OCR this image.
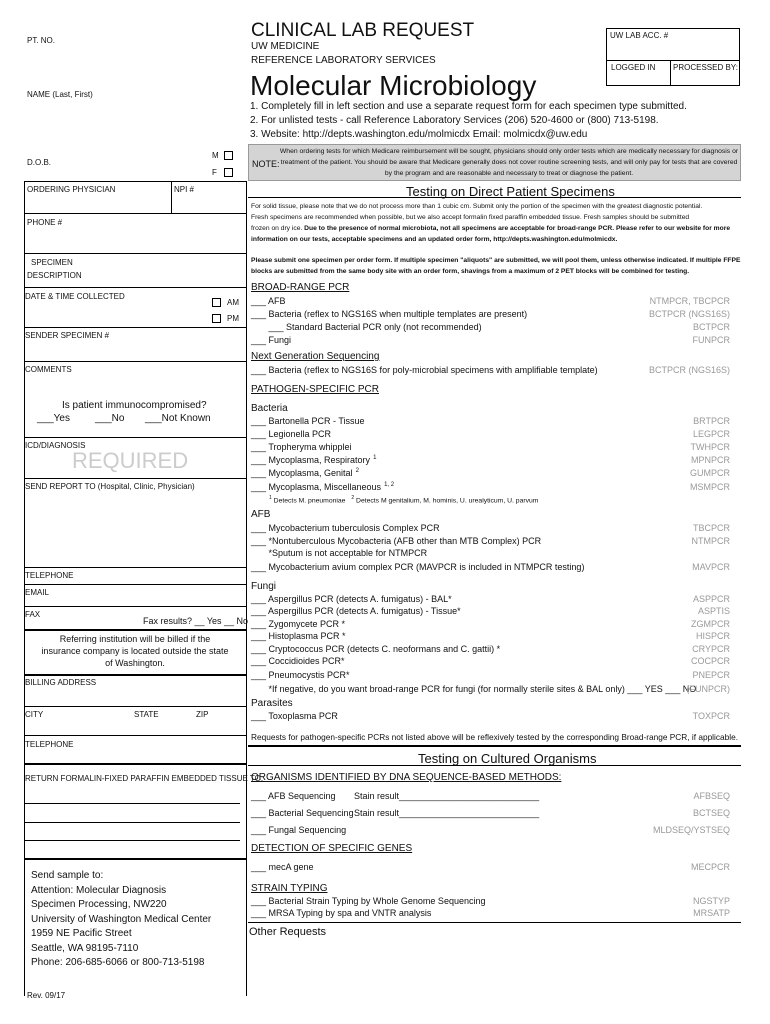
PT. NO.
NAME (Last, First)
D.O.B.
M
F
ORDERING PHYSICIAN	NPI #
PHONE #
SPECIMEN
DESCRIPTION
DATE & TIME COLLECTED
AM
PM
SENDER SPECIMEN #
COMMENTS
Is patient immunocompromised?
___Yes	___No ___Not Known
ICD/DIAGNOSIS
REQUIRED
SEND REPORT TO (Hospital, Clinic, Physician)
TELEPHONE
EMAIL
FAX
Fax results? __ Yes __ No
Referring institution will be billed if the insurance company is located outside the state of Washington.
BILLING ADDRESS
CITY	STATE	ZIP
TELEPHONE
RETURN FORMALIN-FIXED PARAFFIN EMBEDDED TISSUE TO:
Send sample to:
Attention: Molecular Diagnosis
Specimen Processing, NW220
University of Washington Medical Center
1959 NE Pacific Street
Seattle, WA 98195-7110
Phone: 206-685-6066 or 800-713-5198
Rev. 09/17
CLINICAL LAB REQUEST
UW MEDICINE
REFERENCE LABORATORY SERVICES
UW LAB ACC. #
LOGGED IN PROCESSED BY:
Molecular Microbiology
1. Completely fill in left section and use a separate request form for each specimen type submitted.
2. For unlisted tests - call Reference Laboratory Services (206) 520-4600 or (800) 713-5198.
3. Website: http://depts.washington.edu/molmicdx Email: molmicdx@uw.edu
NOTE:
When ordering tests for which Medicare reimbursement will be sought, physicians should only order tests which are medically necessary for diagnosis or treatment of the patient. You should be aware that Medicare generally does not cover routine screening tests, and will only pay for tests that are covered by the program and are reasonable and necessary to treat or diagnose the patient.
Testing on Direct Patient Specimens
For solid tissue, please note that we do not process more than 1 cubic cm. Submit only the portion of the specimen with the greatest diagnostic potential.
Fresh specimens are recommended when possible, but we also accept formalin fixed paraffin embedded tissue. Fresh samples should be submitted
frozen on dry ice. Due to the presence of normal microbiota, not all specimens are acceptable for broad-range PCR. Please refer to our website for more
information on our tests, acceptable specimens and an updated order form, http://depts.washington.edu/molmicdx.
Please submit one specimen per order form. If multiple specimen "aliquots" are submitted, we will pool them, unless otherwise indicated. If multiple FFPE
blocks are submitted from the same body site with an order form, shavings from a maximum of 2 PET blocks will be combined for testing.
BROAD-RANGE PCR
___ AFB	NTMPCR, TBCPCR
___ Bacteria (reflex to NGS16S when multiple templates are present)	BCTPCR (NGS16S)
___ Standard Bacterial PCR only (not recommended)	BCTPCR
___ Fungi	FUNPCR
Next Generation Sequencing
___ Bacteria (reflex to NGS16S for poly-microbial specimens with amplifiable template)	BCTPCR (NGS16S)
PATHOGEN-SPECIFIC PCR
Bacteria
___ Bartonella PCR - Tissue	BRTPCR
___ Legionella PCR	LEGPCR
___ Tropheryma whipplei	TWHPCR
___ Mycoplasma, Respiratory $^1$	MPNPCR
___ Mycoplasma, Genital $^2$	GUMPCR
___ Mycoplasma, Miscellaneous $^{1, 2}$	MSMPCR
$^1$ Detects M. pneumoniae $^2$ Detects M genitalium, M. hominis, U. urealyticum, U. parvum
AFB
___ Mycobacterium tuberculosis Complex PCR	TBCPCR
___ *Nontuberculous Mycobacteria (AFB other than MTB Complex) PCR	NTMPCR
*Sputum is not acceptable for NTMPCR
___ Mycobacterium avium complex PCR (MAVPCR is included in NTMPCR testing)	MAVPCR
Fungi
___ Aspergillus PCR (detects A. fumigatus) - BAL*	ASPPCR
___ Aspergillus PCR (detects A. fumigatus) - Tissue*	ASPTIS
___ Zygomycete PCR *	ZGMPCR
___ Histoplasma PCR *	HISPCR
___ Cryptococcus PCR (detects C. neoformans and C. gattii) *	CRYPCR
___ Coccidioides PCR*	COCPCR
___ Pneumocystis PCR*	PNEPCR
*If negative, do you want broad-range PCR for fungi (for normally sterile sites & BAL only) ___ YES ___ NO
(FUNPCR)
Parasites
___ Toxoplasma PCR	TOXPCR
Requests for pathogen-specific PCRs not listed above will be reflexively tested by the corresponding Broad-range PCR, if applicable.
Testing on Cultured Organisms
ORGANISMS IDENTIFIED BY DNA SEQUENCE-BASED METHODS:
___ AFB Sequencing Stain result____________________________	AFBSEQ
___ Bacterial Sequencing Stain result____________________________	BCTSEQ
___ Fungal Sequencing	MLDSEQ/YSTSEQ
DETECTION OF SPECIFIC GENES
___ mecA gene	MECPCR
STRAIN TYPING
___ Bacterial Strain Typing by Whole Genome Sequencing	NGSTYP
___ MRSA Typing by spa and VNTR analysis	MRSATP
Other Requests
